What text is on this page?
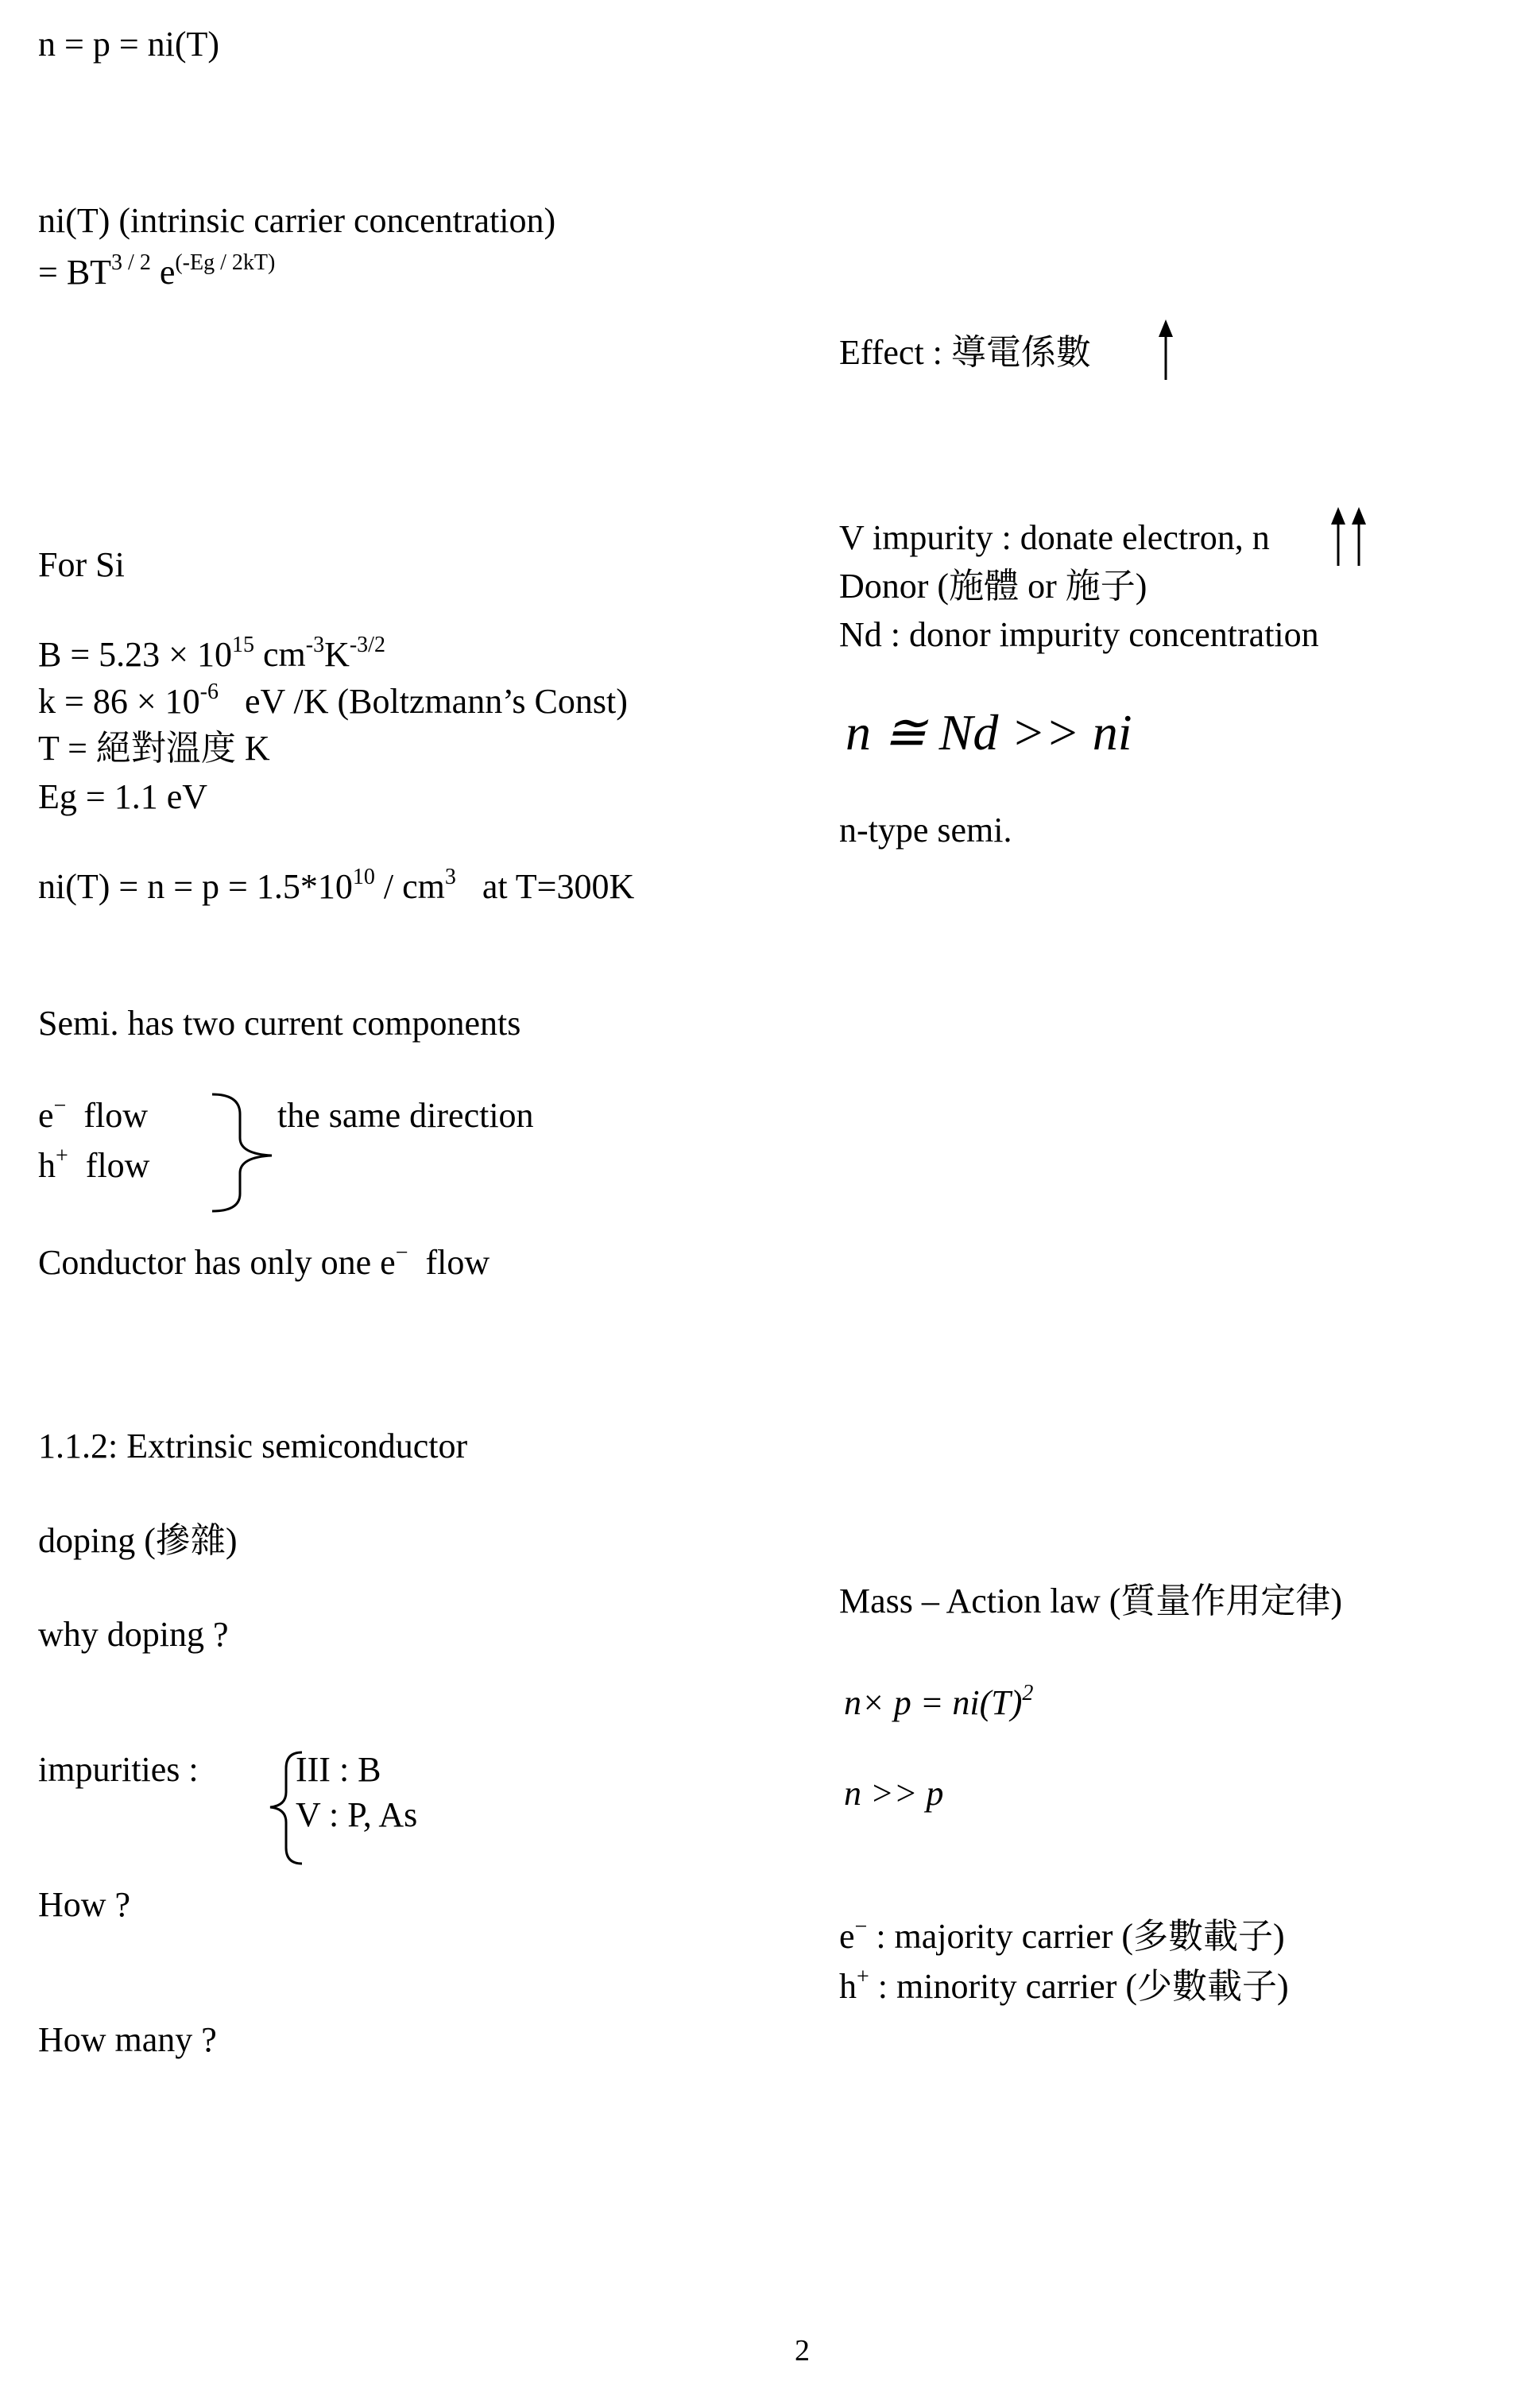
n = p = ni(T)
ni(T) (intrinsic carrier concentration)
= $BT^{3 / 2}$ $e^{(-Eg / 2kT)}$
For Si
$B = 5.23 \times 10^{15}$ $cm^{-3}K^{-3/2}$
$k = 86 \times 10^{-6}$   eV /K (Boltzmann’s Const)
T = 絕對溫度 K
Eg = 1.1 eV
$ni(T) = n = p = 1.5*10^{10} / cm^3$   at T=300K
Semi. has two current components
e−  flow
h+  flow
the same direction
Conductor has only one e−  flow
1.1.2: Extrinsic semiconductor
doping (摻雜)
why doping ?
impurities :	III : B
V : P, As
How ?
How many ?
Effect : 導電係數
V impurity : donate electron, n
Donor (施體 or 施子)
Nd : donor impurity concentration
n ≅ Nd >> ni
n-type semi.
Mass – Action law (質量作用定律)
$n\times p = ni(T)^2$
n >> p
e− : majority carrier (多數載子)
h+ : minority carrier (少數載子)
2
